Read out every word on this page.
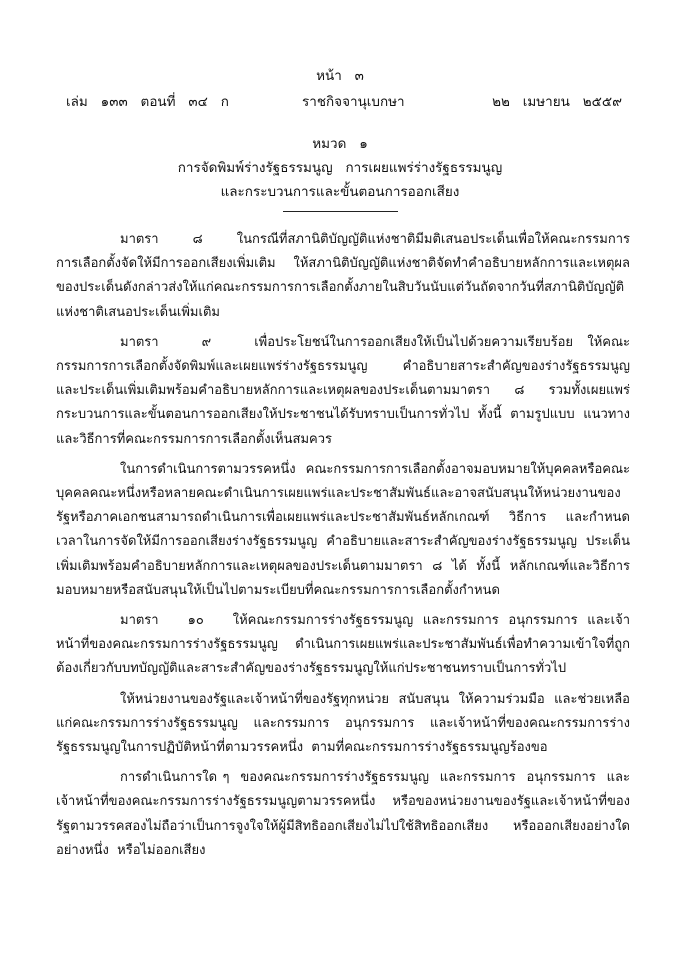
หน้า   ๓
เล่ม   ๑๓๓   ตอนที่   ๓๔   ก	ราชกิจจานุเบกษา	๒๒   เมษายน   ๒๕๕๙
หมวด   ๑
การจัดพิมพ์ร่างรัฐธรรมนูญ   การเผยแพร่ร่างรัฐธรรมนูญ
และกระบวนการและขั้นตอนการออกเสียง

มาตรา      ๘      ในกรณีที่สภานิติบัญญัติแห่งชาติมีมติเสนอประเด็นเพื่อให้คณะกรรมการการเลือกตั้งจัดให้มีการออกเสียงเพิ่มเติม  ให้สภานิติบัญญัติแห่งชาติจัดทำคำอธิบายหลักการและเหตุผลของประเด็นดังกล่าวส่งให้แก่คณะกรรมการการเลือกตั้งภายในสิบวันนับแต่วันถัดจากวันที่สภานิติบัญญัติแห่งชาติเสนอประเด็นเพิ่มเติม

มาตรา      ๙      เพื่อประโยชน์ในการออกเสียงให้เป็นไปด้วยความเรียบร้อย  ให้คณะกรรมการการเลือกตั้งจัดพิมพ์และเผยแพร่ร่างรัฐธรรมนูญ  คำอธิบายสาระสำคัญของร่างรัฐธรรมนูญ  และประเด็นเพิ่มเติมพร้อมคำอธิบายหลักการและเหตุผลของประเด็นตามมาตรา  ๘  รวมทั้งเผยแพร่กระบวนการและขั้นตอนการออกเสียงให้ประชาชนได้รับทราบเป็นการทั่วไป  ทั้งนี้  ตามรูปแบบ  แนวทางและวิธีการที่คณะกรรมการการเลือกตั้งเห็นสมควร

ในการดำเนินการตามวรรคหนึ่ง  คณะกรรมการการเลือกตั้งอาจมอบหมายให้บุคคลหรือคณะบุคคลคณะหนึ่งหรือหลายคณะดำเนินการเผยแพร่และประชาสัมพันธ์และอาจสนับสนุนให้หน่วยงานของรัฐหรือภาคเอกชนสามารถดำเนินการเพื่อเผยแพร่และประชาสัมพันธ์หลักเกณฑ์  วิธีการ  และกำหนดเวลาในการจัดให้มีการออกเสียงร่างรัฐธรรมนูญ  คำอธิบายและสาระสำคัญของร่างรัฐธรรมนูญ  ประเด็นเพิ่มเติมพร้อมคำอธิบายหลักการและเหตุผลของประเด็นตามมาตรา  ๘  ได้  ทั้งนี้  หลักเกณฑ์และวิธีการมอบหมายหรือสนับสนุนให้เป็นไปตามระเบียบที่คณะกรรมการการเลือกตั้งกำหนด

มาตรา      ๑๐      ให้คณะกรรมการร่างรัฐธรรมนูญ  และกรรมการ  อนุกรรมการ  และเจ้าหน้าที่ของคณะกรรมการร่างรัฐธรรมนูญ  ดำเนินการเผยแพร่และประชาสัมพันธ์เพื่อทำความเข้าใจที่ถูกต้องเกี่ยวกับบทบัญญัติและสาระสำคัญของร่างรัฐธรรมนูญให้แก่ประชาชนทราบเป็นการทั่วไป

ให้หน่วยงานของรัฐและเจ้าหน้าที่ของรัฐทุกหน่วย  สนับสนุน  ให้ความร่วมมือ  และช่วยเหลือแก่คณะกรรมการร่างรัฐธรรมนูญ  และกรรมการ  อนุกรรมการ  และเจ้าหน้าที่ของคณะกรรมการร่างรัฐธรรมนูญในการปฏิบัติหน้าที่ตามวรรคหนึ่ง  ตามที่คณะกรรมการร่างรัฐธรรมนูญร้องขอ

การดำเนินการใด ๆ  ของคณะกรรมการร่างรัฐธรรมนูญ  และกรรมการ  อนุกรรมการ  และเจ้าหน้าที่ของคณะกรรมการร่างรัฐธรรมนูญตามวรรคหนึ่ง  หรือของหน่วยงานของรัฐและเจ้าหน้าที่ของรัฐตามวรรคสองไม่ถือว่าเป็นการจูงใจให้ผู้มีสิทธิออกเสียงไม่ไปใช้สิทธิออกเสียง  หรือออกเสียงอย่างใดอย่างหนึ่ง  หรือไม่ออกเสียง
